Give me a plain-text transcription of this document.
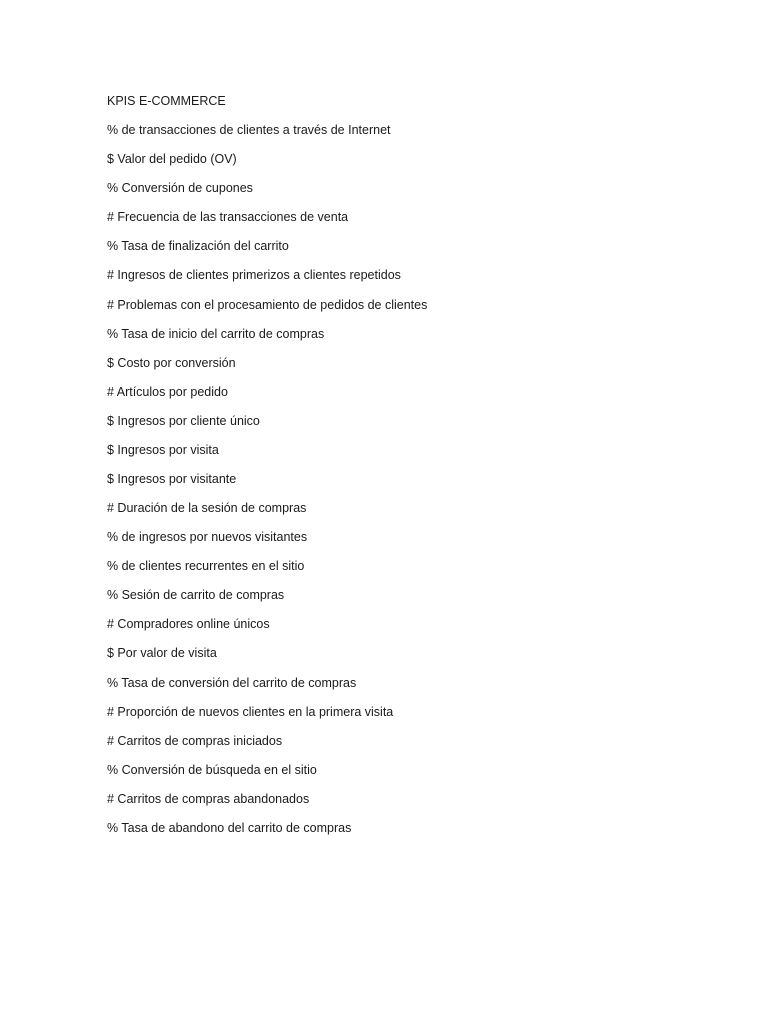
KPIS E-COMMERCE
% de transacciones de clientes a través de Internet
$ Valor del pedido (OV)
% Conversión de cupones
# Frecuencia de las transacciones de venta
% Tasa de finalización del carrito
# Ingresos de clientes primerizos a clientes repetidos
# Problemas con el procesamiento de pedidos de clientes
% Tasa de inicio del carrito de compras
$ Costo por conversión
# Artículos por pedido
$ Ingresos por cliente único
$ Ingresos por visita
$ Ingresos por visitante
# Duración de la sesión de compras
% de ingresos por nuevos visitantes
% de clientes recurrentes en el sitio
% Sesión de carrito de compras
# Compradores online únicos
$ Por valor de visita
% Tasa de conversión del carrito de compras
# Proporción de nuevos clientes en la primera visita
# Carritos de compras iniciados
% Conversión de búsqueda en el sitio
# Carritos de compras abandonados
% Tasa de abandono del carrito de compras
